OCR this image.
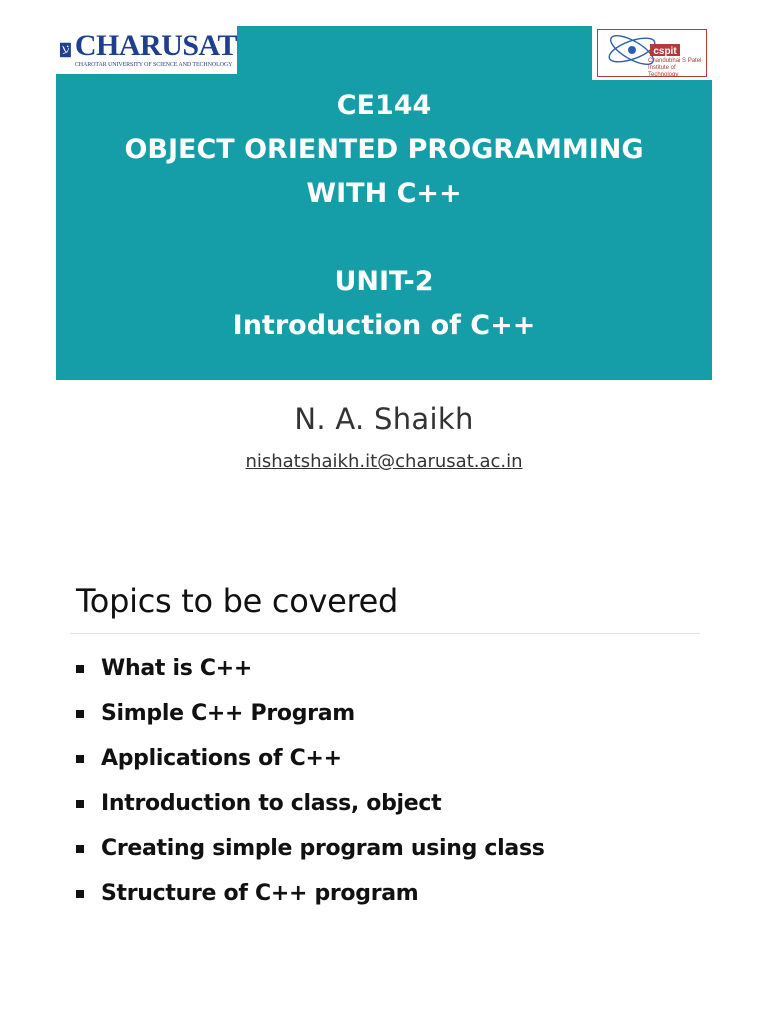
CHARUSAT
CHAROTAR UNIVERSITY OF SCIENCE AND TECHNOLOGY
cspit
Chandubhai S Patel
Institute of Technology
CE144
OBJECT ORIENTED PROGRAMMING
WITH C++
UNIT-2
Introduction of C++
N. A. Shaikh
nishatshaikh.it@charusat.ac.in
Topics to be covered
What is C++
Simple C++ Program
Applications of C++
Introduction to class, object
Creating simple program using class
Structure of C++ program
